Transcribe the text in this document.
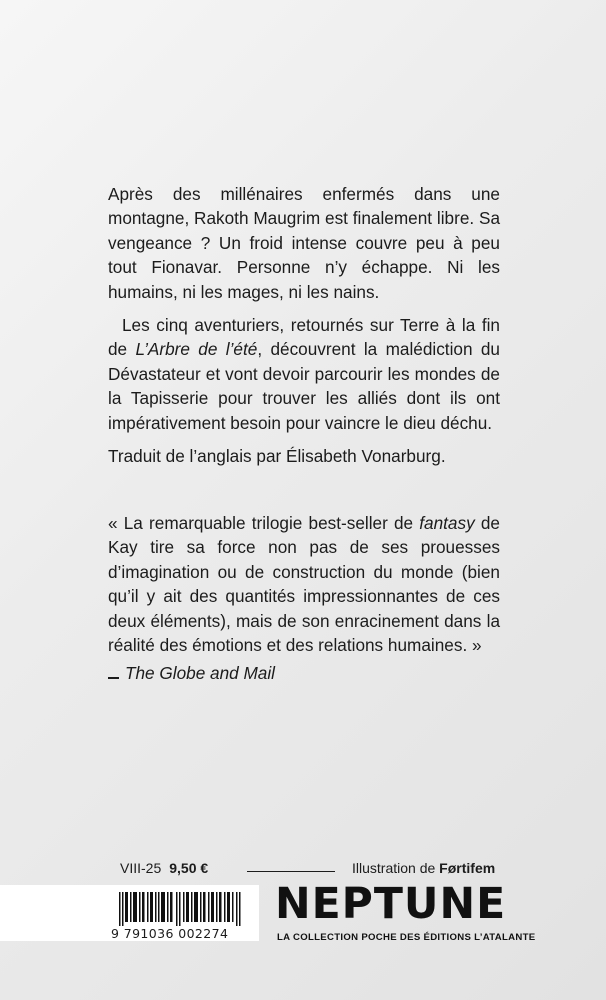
Après des millénaires enfermés dans une montagne, Rakoth Maugrim est finalement libre. Sa vengeance ? Un froid intense couvre peu à peu tout Fionavar. Personne n’y échappe. Ni les humains, ni les mages, ni les nains.

Les cinq aventuriers, retournés sur Terre à la fin de L’Arbre de l’été, découvrent la malédiction du Dévastateur et vont devoir parcourir les mondes de la Tapisserie pour trouver les alliés dont ils ont impérativement besoin pour vaincre le dieu déchu.

Traduit de l’anglais par Élisabeth Vonarburg.

« La remarquable trilogie best-seller de fantasy de Kay tire sa force non pas de ses prouesses d’imagination ou de construction du monde (bien qu’il y ait des quantités impressionnantes de ces deux éléments), mais de son enracinement dans la réalité des émotions et des relations humaines. »

The Globe and Mail

VIII-25 9,50 €	Illustration de Førtifem
9 791036 002274
NEPTUNE
LA COLLECTION POCHE DES ÉDITIONS L’ATALANTE
